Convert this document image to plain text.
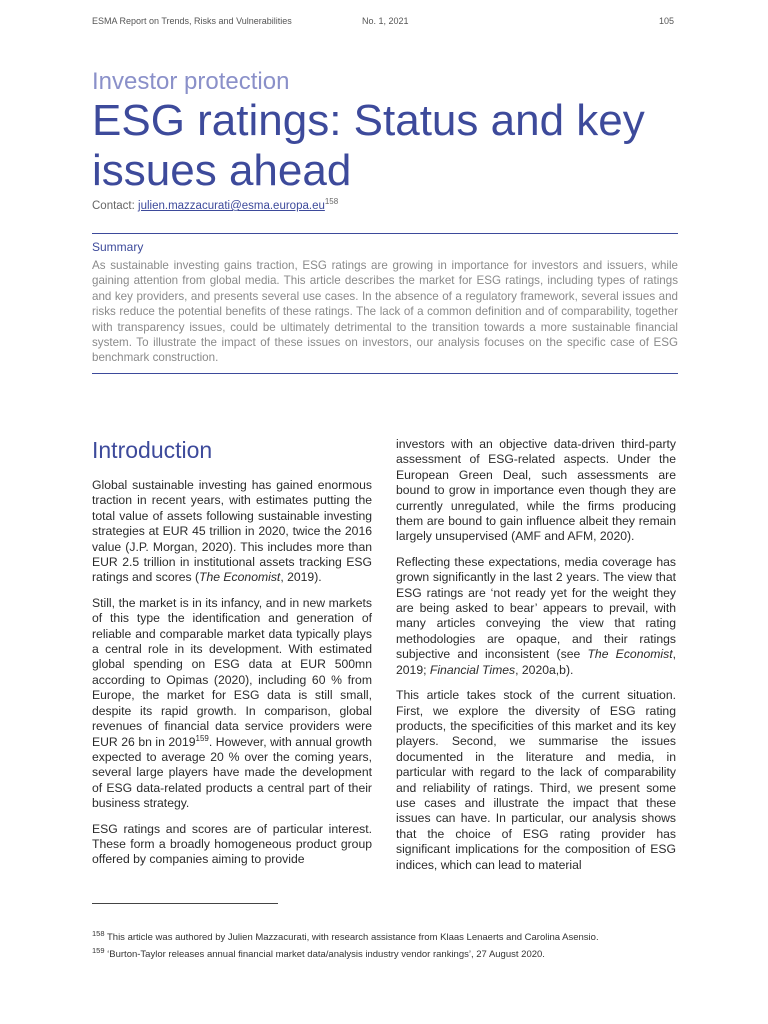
ESMA Report on Trends, Risks and Vulnerabilities	No. 1, 2021	105
Investor protection
ESG ratings: Status and key issues ahead
Contact: $julien.mazzacurati@esma.europa.eu^{158}$
Summary

As sustainable investing gains traction, ESG ratings are growing in importance for investors and issuers, while gaining attention from global media. This article describes the market for ESG ratings, including types of ratings and key providers, and presents several use cases. In the absence of a regulatory framework, several issues and risks reduce the potential benefits of these ratings. The lack of a common definition and of comparability, together with transparency issues, could be ultimately detrimental to the transition towards a more sustainable financial system. To illustrate the impact of these issues on investors, our analysis focuses on the specific case of ESG benchmark construction.

Introduction

Global sustainable investing has gained enormous traction in recent years, with estimates putting the total value of assets following sustainable investing strategies at EUR 45 trillion in 2020, twice the 2016 value (J.P. Morgan, 2020). This includes more than EUR 2.5 trillion in institutional assets tracking ESG ratings and scores (The Economist, 2019).

Still, the market is in its infancy, and in new markets of this type the identification and generation of reliable and comparable market data typically plays a central role in its development. With estimated global spending on ESG data at EUR 500mn according to Opimas (2020), including 60 % from Europe, the market for ESG data is still small, despite its rapid growth. In comparison, global revenues of financial data service providers were EUR 26 bn in 2019$^{159}$. However, with annual growth expected to average 20 % over the coming years, several large players have made the development of ESG data-related products a central part of their business strategy.

ESG ratings and scores are of particular interest. These form a broadly homogeneous product group offered by companies aiming to provide

investors with an objective data-driven third-party assessment of ESG-related aspects. Under the European Green Deal, such assessments are bound to grow in importance even though they are currently unregulated, while the firms producing them are bound to gain influence albeit they remain largely unsupervised (AMF and AFM, 2020).

Reflecting these expectations, media coverage has grown significantly in the last 2 years. The view that ESG ratings are ‘not ready yet for the weight they are being asked to bear’ appears to prevail, with many articles conveying the view that rating methodologies are opaque, and their ratings subjective and inconsistent (see The Economist, 2019; Financial Times, 2020a,b).

This article takes stock of the current situation. First, we explore the diversity of ESG rating products, the specificities of this market and its key players. Second, we summarise the issues documented in the literature and media, in particular with regard to the lack of comparability and reliability of ratings. Third, we present some use cases and illustrate the impact that these issues can have. In particular, our analysis shows that the choice of ESG rating provider has significant implications for the composition of ESG indices, which can lead to material

$^{158}$ This article was authored by Julien Mazzacurati, with research assistance from Klaas Lenaerts and Carolina Asensio.
$^{159}$ ‘Burton-Taylor releases annual financial market data/analysis industry vendor rankings’, 27 August 2020.
